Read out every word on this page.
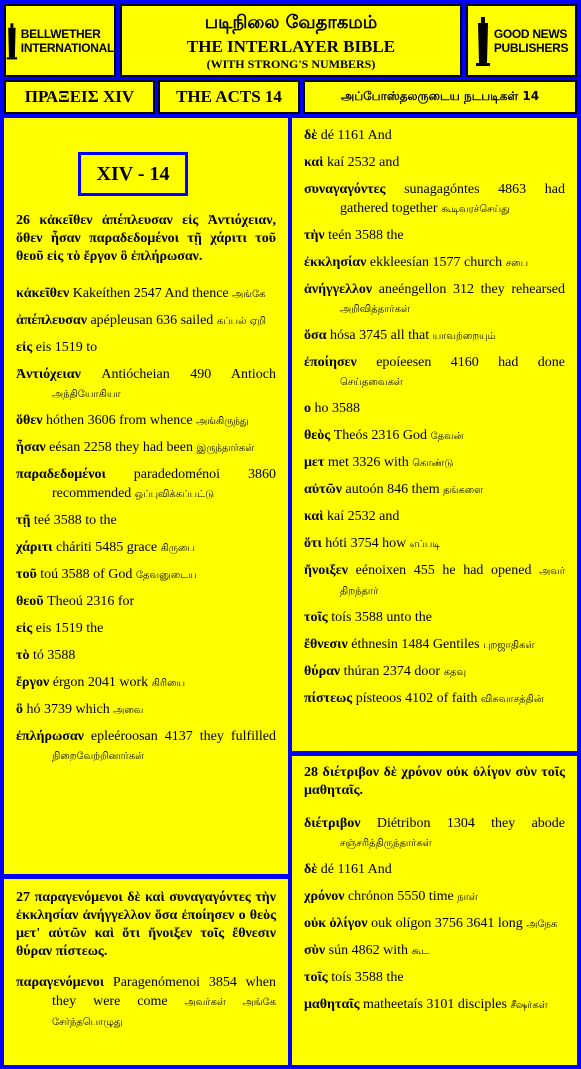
BELLWETHER
INTERNATIONAL
படிநிலை வேதாகமம்
THE INTERLAYER BIBLE
(WITH STRONG'S NUMBERS)
GOOD NEWS
PUBLISHERS
ΠΡΑΞΕΙΣ XIV	THE ACTS 14	அப்போஸ்தலருடைய நடபடிகள் 14
26 κἀκεῖθεν ἀπέπλευσαν εἰς Ἀντιόχειαν, ὅθεν ἦσαν παραδεδομένοι τῇ χάριτι τοῦ θεοῦ εἰς τὸ ἔργον ὃ ἐπλήρωσαν.
κἀκεῖθεν Kakeíthen 2547 And thence அங்கே
ἀπέπλευσαν apépleusan 636 sailed கப்பல் ஏறி
εἰς eis 1519 to
Ἀντιόχειαν Antiócheian 490 Antioch அந்தியோகியா
ὅθεν hóthen 3606 from whence அங்கிருந்து
ἦσαν eésan 2258 they had been இருந்தார்கள்
παραδεδομένοι paradedoménoi 3860 recommended ஒப்புவிக்கப்பட்டு
τῇ teé 3588 to the
χάριτι cháriti 5485 grace கிருபை
τοῦ toú 3588 of God தேவனுடைய
θεοῦ Theoú 2316 for
εἰς eis 1519 the
τὸ tó 3588
ἔργον érgon 2041 work கிரியை
ὃ hó 3739 which அவை
ἐπλήρωσαν epleéroosan 4137 they fulfilled நிறைவேற்றினார்கள்
XIV - 14
27 παραγενόμενοι δὲ καὶ συναγαγόντες τὴν ἐκκλησίαν ἀνήγγελλον ὅσα ἐποίησεν ο θεὸς μετ' αὐτῶν καὶ ὅτι ἤνοιξεν τοῖς ἔθνεσιν θύραν πίστεως.
παραγενόμενοι Paragenómenoi 3854 when they were come அவர்கள் அங்கே சேர்ந்தபொழுது
δὲ dé 1161 And
καὶ kaí 2532 and
συναγαγόντες sunagagóntes 4863 had gathered together கூடிவரச்செய்து
τὴν teén 3588 the
ἐκκλησίαν ekkleesían 1577 church சபை
ἀνήγγελλον aneéngellon 312 they rehearsed அறிவித்தார்கள்
ὅσα hósa 3745 all that யாவற்றையும்
ἐποίησεν epoíeesen 4160 had done செய்தவைகள்
ο ho 3588
θεὸς Theós 2316 God தேவன்
μετ met 3326 with கொண்டு
αὐτῶν autoón 846 them தங்களை
καὶ kaí 2532 and
ὅτι hóti 3754 how எப்படி
ἤνοιξεν eénoixen 455 he had opened அவர் திறந்தார்
τοῖς toís 3588 unto the
ἔθνεσιν éthnesin 1484 Gentiles புறஜாதிகள்
θύραν thúran 2374 door கதவு
πίστεως písteoos 4102 of faith விசுவாசத்தின்
28 διέτριβον δὲ χρόνον οὐκ ὀλίγον σὺν τοῖς μαθηταῖς.
διέτριβον Diétribon 1304 they abode சஞ்சரித்திருந்தார்கள்
δὲ dé 1161 And
χρόνον chrónon 5550 time நாள்
οὐκ ὀλίγον ouk olígon 3756 3641 long அநேக
σὺν sún 4862 with கூட
τοῖς toís 3588 the
μαθηταῖς matheetaís 3101 disciples சீஷர்கள்
